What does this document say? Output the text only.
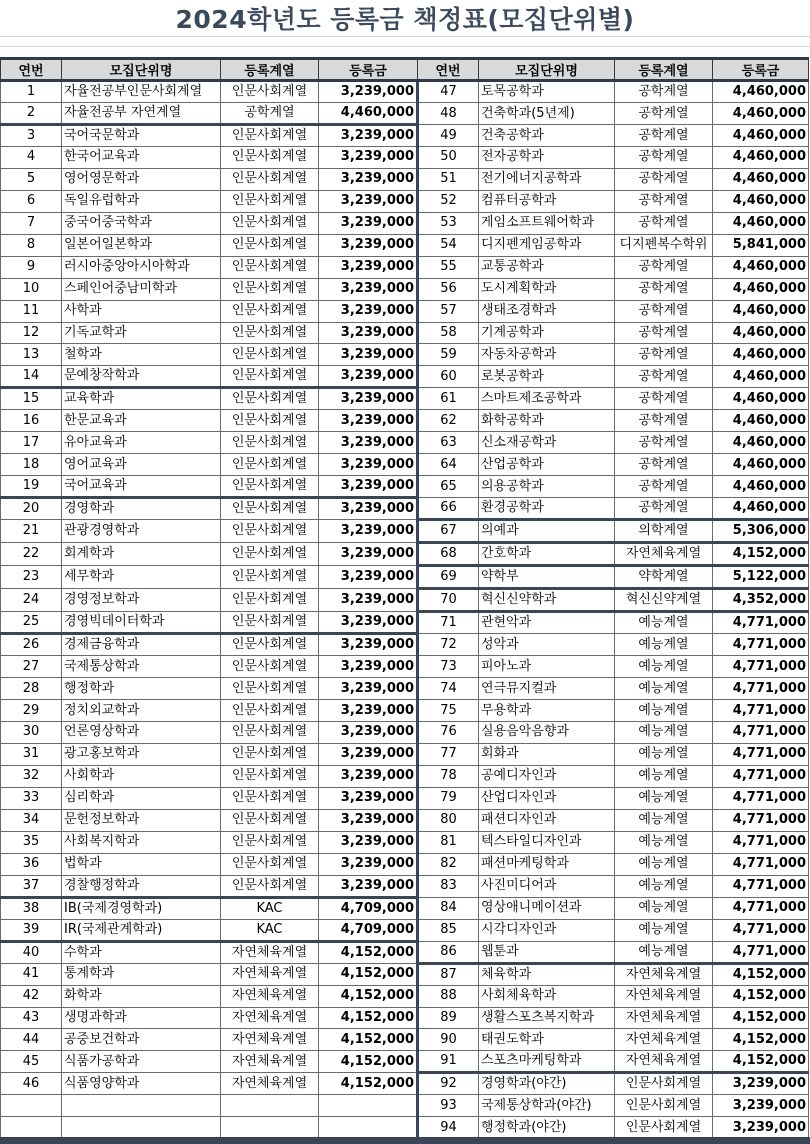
2024학년도 등록금 책정표(모집단위별)
연번	모집단위명	등록계열	등록금	연번	모집단위명	등록계열	등록금
1	자율전공부인문사회계열	인문사회계열	3,239,000	47	토목공학과	공학계열	4,460,000
2	자율전공부 자연계열	공학계열	4,460,000	48	건축학과(5년제)	공학계열	4,460,000
3	국어국문학과	인문사회계열	3,239,000	49	건축공학과	공학계열	4,460,000
4	한국어교육과	인문사회계열	3,239,000	50	전자공학과	공학계열	4,460,000
5	영어영문학과	인문사회계열	3,239,000	51	전기에너지공학과	공학계열	4,460,000
6	독일유럽학과	인문사회계열	3,239,000	52	컴퓨터공학과	공학계열	4,460,000
7	중국어중국학과	인문사회계열	3,239,000	53	게임소프트웨어학과	공학계열	4,460,000
8	일본어일본학과	인문사회계열	3,239,000	54	디지펜게임공학과	디지펜복수학위	5,841,000
9	러시아중앙아시아학과	인문사회계열	3,239,000	55	교통공학과	공학계열	4,460,000
10	스페인어중남미학과	인문사회계열	3,239,000	56	도시계획학과	공학계열	4,460,000
11	사학과	인문사회계열	3,239,000	57	생태조경학과	공학계열	4,460,000
12	기독교학과	인문사회계열	3,239,000	58	기계공학과	공학계열	4,460,000
13	철학과	인문사회계열	3,239,000	59	자동차공학과	공학계열	4,460,000
14	문예창작학과	인문사회계열	3,239,000	60	로봇공학과	공학계열	4,460,000
15	교육학과	인문사회계열	3,239,000	61	스마트제조공학과	공학계열	4,460,000
16	한문교육과	인문사회계열	3,239,000	62	화학공학과	공학계열	4,460,000
17	유아교육과	인문사회계열	3,239,000	63	신소재공학과	공학계열	4,460,000
18	영어교육과	인문사회계열	3,239,000	64	산업공학과	공학계열	4,460,000
19	국어교육과	인문사회계열	3,239,000	65	의용공학과	공학계열	4,460,000
20	경영학과	인문사회계열	3,239,000	66	환경공학과	공학계열	4,460,000
21	관광경영학과	인문사회계열	3,239,000	67	의예과	의학계열	5,306,000
22	회계학과	인문사회계열	3,239,000	68	간호학과	자연체육계열	4,152,000
23	세무학과	인문사회계열	3,239,000	69	약학부	약학계열	5,122,000
24	경영정보학과	인문사회계열	3,239,000	70	혁신신약학과	혁신신약계열	4,352,000
25	경영빅데이터학과	인문사회계열	3,239,000	71	관현악과	예능계열	4,771,000
26	경제금융학과	인문사회계열	3,239,000	72	성악과	예능계열	4,771,000
27	국제통상학과	인문사회계열	3,239,000	73	피아노과	예능계열	4,771,000
28	행정학과	인문사회계열	3,239,000	74	연극뮤지컬과	예능계열	4,771,000
29	정치외교학과	인문사회계열	3,239,000	75	무용학과	예능계열	4,771,000
30	언론영상학과	인문사회계열	3,239,000	76	실용음악음향과	예능계열	4,771,000
31	광고홍보학과	인문사회계열	3,239,000	77	회화과	예능계열	4,771,000
32	사회학과	인문사회계열	3,239,000	78	공예디자인과	예능계열	4,771,000
33	심리학과	인문사회계열	3,239,000	79	산업디자인과	예능계열	4,771,000
34	문헌정보학과	인문사회계열	3,239,000	80	패션디자인과	예능계열	4,771,000
35	사회복지학과	인문사회계열	3,239,000	81	텍스타일디자인과	예능계열	4,771,000
36	법학과	인문사회계열	3,239,000	82	패션마케팅학과	예능계열	4,771,000
37	경찰행정학과	인문사회계열	3,239,000	83	사진미디어과	예능계열	4,771,000
38	IB(국제경영학과)	KAC	4,709,000	84	영상애니메이션과	예능계열	4,771,000
39	IR(국제관계학과)	KAC	4,709,000	85	시각디자인과	예능계열	4,771,000
40	수학과	자연체육계열	4,152,000	86	웹툰과	예능계열	4,771,000
41	통계학과	자연체육계열	4,152,000	87	체육학과	자연체육계열	4,152,000
42	화학과	자연체육계열	4,152,000	88	사회체육학과	자연체육계열	4,152,000
43	생명과학과	자연체육계열	4,152,000	89	생활스포츠복지학과	자연체육계열	4,152,000
44	공중보건학과	자연체육계열	4,152,000	90	태권도학과	자연체육계열	4,152,000
45	식품가공학과	자연체육계열	4,152,000	91	스포츠마케팅학과	자연체육계열	4,152,000
46	식품영양학과	자연체육계열	4,152,000	92	경영학과(야간)	인문사회계열	3,239,000
				93	국제통상학과(야간)	인문사회계열	3,239,000
				94	행정학과(야간)	인문사회계열	3,239,000
